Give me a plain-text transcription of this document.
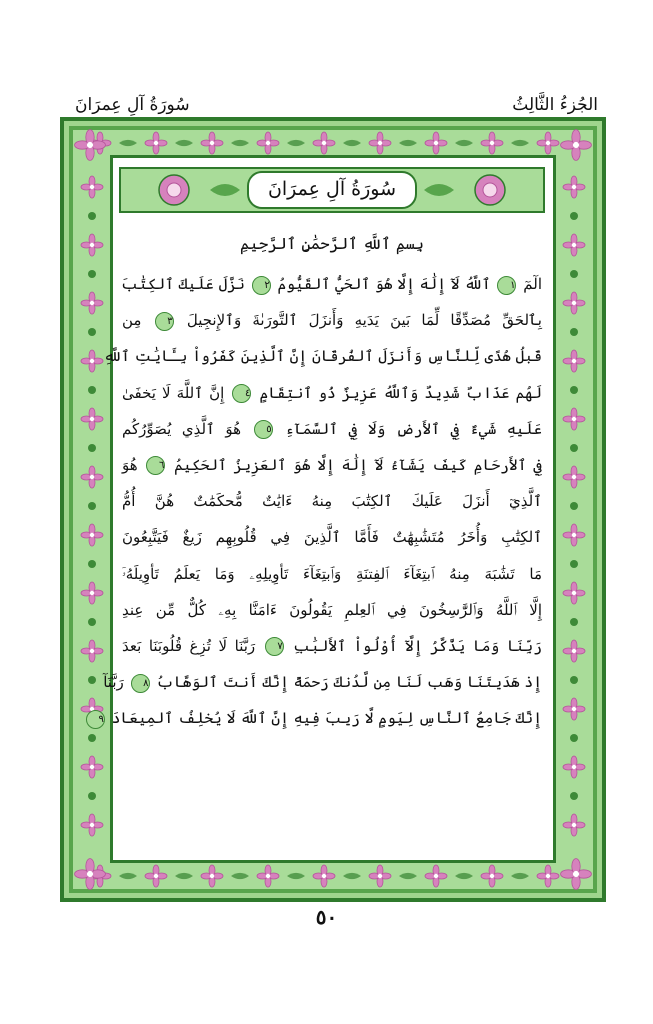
الجُزءُ الثَّالِثُ
سُورَةُ آلِ عِمرَانَ
سُورَةُ آلِ عِمرَانَ
بِسمِ ٱللَّهِ ٱلرَّحمَٰنِ ٱلرَّحِيمِ
الٓمٓ ١ ٱللَّهُ لَآ إِلَٰهَ إِلَّا هُوَ ٱلحَيُّ ٱلقَيُّومُ ٢ نَزَّلَ عَلَيكَ ٱلكِتَٰبَ
بِٱلحَقِّ مُصَدِّقًا لِّمَا بَينَ يَدَيهِ وَأَنزَلَ ٱلتَّورَىٰةَ وَٱلإِنجِيلَ ٣ مِن
قَبلُ هُدًى لِّلنَّاسِ وَأَنزَلَ ٱلفُرقَانَ إِنَّ ٱلَّذِينَ كَفَرُواْ بِـَٔايَٰتِ ٱللَّهِ
لَهُم عَذَابٌ شَدِيدٌ وَٱللَّهُ عَزِيزٌ ذُو ٱنتِقَامٍ ٤ إِنَّ ٱللَّهَ لَا يَخفَىٰ
عَلَيهِ شَيءٌ فِي ٱلأَرضِ وَلَا فِي ٱلسَّمَآءِ ٥ هُوَ ٱلَّذِي يُصَوِّرُكُم
فِي ٱلأَرحَامِ كَيفَ يَشَآءُ لَآ إِلَٰهَ إِلَّا هُوَ ٱلعَزِيزُ ٱلحَكِيمُ ٦ هُوَ
ٱلَّذِيٓ أَنزَلَ عَلَيكَ ٱلكِتَٰبَ مِنهُ ءَايَٰتٌ مُّحكَمَٰتٌ هُنَّ أُمُّ
ٱلكِتَٰبِ وَأُخَرُ مُتَشَٰبِهَٰتٌ فَأَمَّا ٱلَّذِينَ فِي قُلُوبِهِم زَيغٌ فَيَتَّبِعُونَ
مَا تَشَٰبَهَ مِنهُ ٱبتِغَآءَ ٱلفِتنَةِ وَٱبتِغَآءَ تَأوِيلِهِۦ وَمَا يَعلَمُ تَأوِيلَهُۥٓ
إِلَّا ٱللَّهُ وَٱلرَّٰسِخُونَ فِي ٱلعِلمِ يَقُولُونَ ءَامَنَّا بِهِۦ كُلٌّ مِّن عِندِ
رَبِّنَا وَمَا يَذَّكَّرُ إِلَّآ أُوْلُواْ ٱلأَلبَٰبِ ٧ رَبَّنَا لَا تُزِغ قُلُوبَنَا بَعدَ
إِذ هَدَيتَنَا وَهَب لَنَا مِن لَّدُنكَ رَحمَةً إِنَّكَ أَنتَ ٱلوَهَّابُ ٨ رَبَّنَآ
إِنَّكَ جَامِعُ ٱلنَّاسِ لِيَومٍ لَّا رَيبَ فِيهِ إِنَّ ٱللَّهَ لَا يُخلِفُ ٱلمِيعَادَ ٩
٥٠
